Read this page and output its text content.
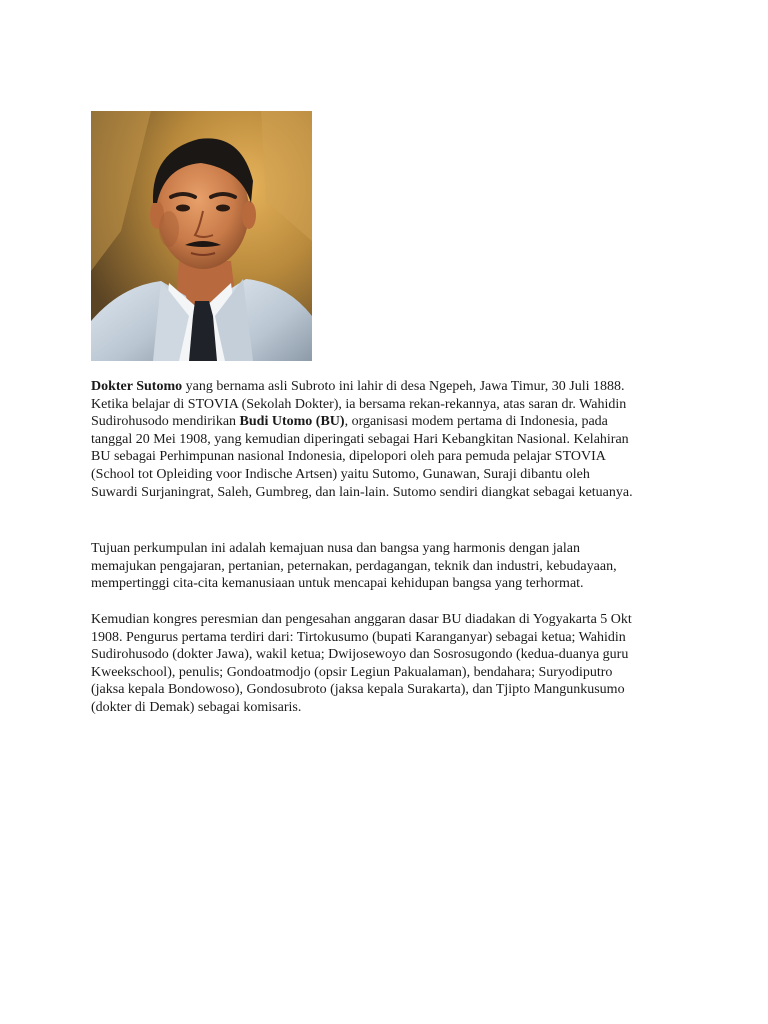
Dokter Sutomo yang bernama asli Subroto ini lahir di desa Ngepeh, Jawa Timur, 30 Juli 1888.
Ketika belajar di STOVIA (Sekolah Dokter), ia bersama rekan-rekannya, atas saran dr. Wahidin
Sudirohusodo mendirikan Budi Utomo (BU), organisasi modem pertama di Indonesia, pada
tanggal 20 Mei 1908, yang kemudian diperingati sebagai Hari Kebangkitan Nasional. Kelahiran
BU sebagai Perhimpunan nasional Indonesia, dipelopori oleh para pemuda pelajar STOVIA
(School tot Opleiding voor Indische Artsen) yaitu Sutomo, Gunawan, Suraji dibantu oleh
Suwardi Surjaningrat, Saleh, Gumbreg, dan lain-lain. Sutomo sendiri diangkat sebagai ketuanya.

Tujuan perkumpulan ini adalah kemajuan nusa dan bangsa yang harmonis dengan jalan
memajukan pengajaran, pertanian, peternakan, perdagangan, teknik dan industri, kebudayaan,
mempertinggi cita-cita kemanusiaan untuk mencapai kehidupan bangsa yang terhormat.

Kemudian kongres peresmian dan pengesahan anggaran dasar BU diadakan di Yogyakarta 5 Okt
1908. Pengurus pertama terdiri dari: Tirtokusumo (bupati Karanganyar) sebagai ketua; Wahidin
Sudirohusodo (dokter Jawa), wakil ketua; Dwijosewoyo dan Sosrosugondo (kedua-duanya guru
Kweekschool), penulis; Gondoatmodjo (opsir Legiun Pakualaman), bendahara; Suryodiputro
(jaksa kepala Bondowoso), Gondosubroto (jaksa kepala Surakarta), dan Tjipto Mangunkusumo
(dokter di Demak) sebagai komisaris.
